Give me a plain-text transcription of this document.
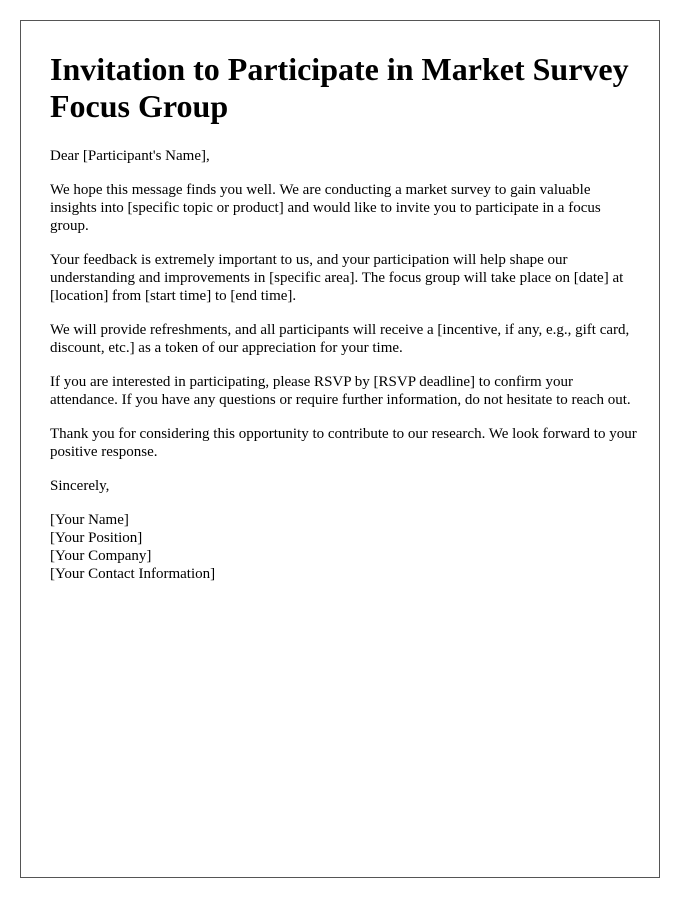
Invitation to Participate in Market Survey Focus Group

Dear [Participant's Name],

We hope this message finds you well. We are conducting a market survey to gain valuable insights into [specific topic or product] and would like to invite you to participate in a focus group.

Your feedback is extremely important to us, and your participation will help shape our understanding and improvements in [specific area]. The focus group will take place on [date] at [location] from [start time] to [end time].

We will provide refreshments, and all participants will receive a [incentive, if any, e.g., gift card, discount, etc.] as a token of our appreciation for your time.

If you are interested in participating, please RSVP by [RSVP deadline] to confirm your attendance. If you have any questions or require further information, do not hesitate to reach out.

Thank you for considering this opportunity to contribute to our research. We look forward to your positive response.

Sincerely,

[Your Name]
[Your Position]
[Your Company]
[Your Contact Information]
